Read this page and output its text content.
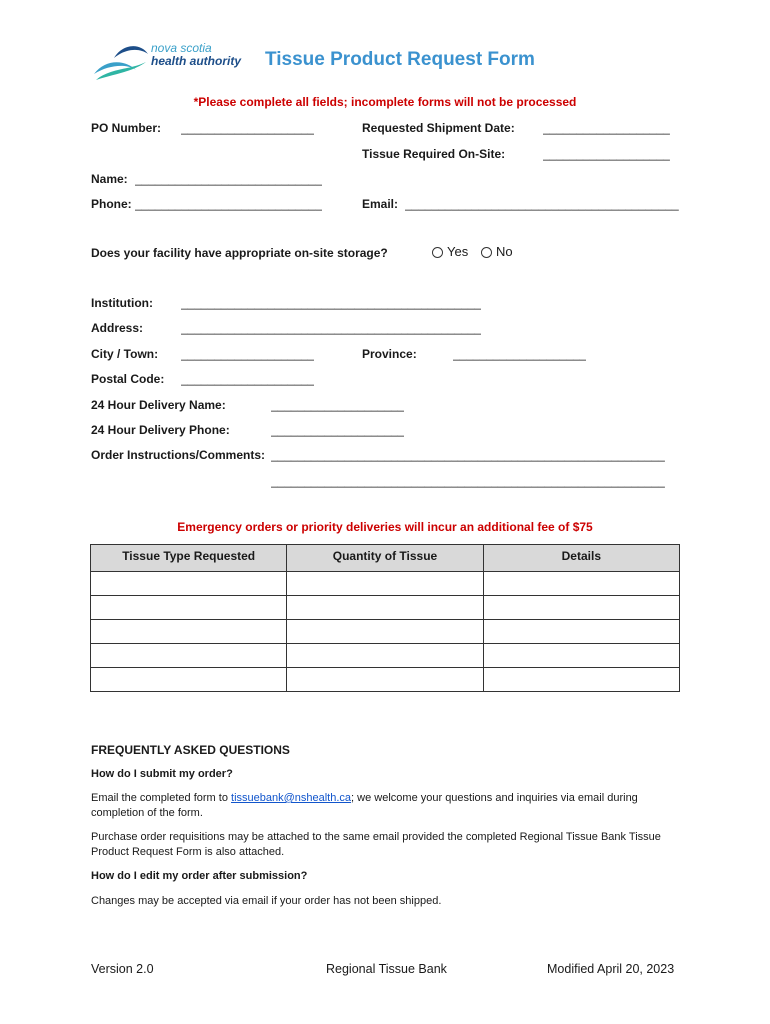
nova scotia
health authority Tissue Product Request Form
*Please complete all fields; incomplete forms will not be processed
PO Number: ____________________	Requested Shipment Date: ___________________
Tissue Required On-Site:	___________________
Name: ____________________________
Phone: ____________________________	Email: _________________________________________
Does your facility have appropriate on-site storage?	Yes	No
Institution: _____________________________________________
Address:	_____________________________________________
City / Town: ____________________	Province:	____________________
Postal Code: ____________________
24 Hour Delivery Name:	____________________
24 Hour Delivery Phone:	____________________
Order Instructions/Comments: ___________________________________________________________
___________________________________________________________
Emergency orders or priority deliveries will incur an additional fee of $75
Tissue Type Requested	Quantity of Tissue	Details

FREQUENTLY ASKED QUESTIONS
How do I submit my order?
Email the completed form to tissuebank@nshealth.ca; we welcome your questions and inquiries via email during completion of the form.
Purchase order requisitions may be attached to the same email provided the completed Regional Tissue Bank Tissue Product Request Form is also attached.
How do I edit my order after submission?
Changes may be accepted via email if your order has not been shipped.
Version 2.0	Regional Tissue Bank	Modified April 20, 2023
